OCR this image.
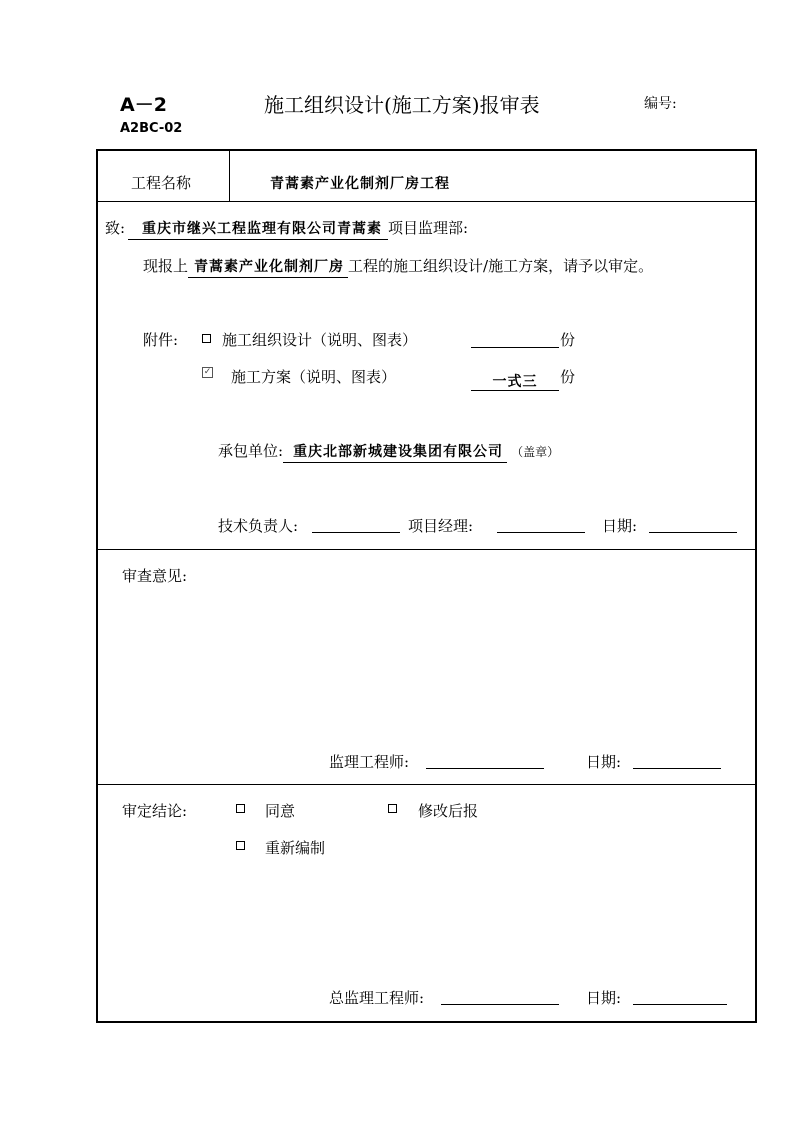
A－2	施工组织设计(施工方案)报审表	编号:
A2BC-02
工程名称	青蒿素产业化制剂厂房工程
致:	重庆市继兴工程监理有限公司青蒿素 项目监理部:
现报上 青蒿素产业化制剂厂房 工程的施工组织设计/施工方案，请予以审定。
附件:	施工组织设计（说明、图表）	份
✓ 施工方案（说明、图表）	一式三	份
承包单位: 重庆北部新城建设集团有限公司 （盖章）
技术负责人:	项目经理:	日期:
审查意见:
监理工程师:	日期:
审定结论:	同意	修改后报
重新编制
总监理工程师:	日期:
